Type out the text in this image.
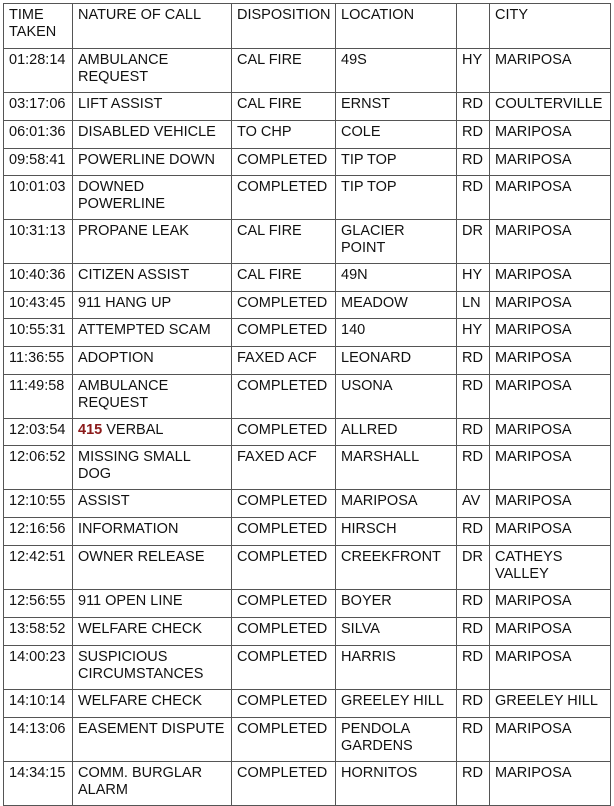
TIME TAKEN	NATURE OF CALL	DISPOSITION	LOCATION		CITY
01:28:14	AMBULANCE REQUEST	CAL FIRE	49S	HY	MARIPOSA
03:17:06	LIFT ASSIST	CAL FIRE	ERNST	RD	COULTERVILLE
06:01:36	DISABLED VEHICLE	TO CHP	COLE	RD	MARIPOSA
09:58:41	POWERLINE DOWN	COMPLETED	TIP TOP	RD	MARIPOSA
10:01:03	DOWNED POWERLINE	COMPLETED	TIP TOP	RD	MARIPOSA
10:31:13	PROPANE LEAK	CAL FIRE	GLACIER POINT	DR	MARIPOSA
10:40:36	CITIZEN ASSIST	CAL FIRE	49N	HY	MARIPOSA
10:43:45	911 HANG UP	COMPLETED	MEADOW	LN	MARIPOSA
10:55:31	ATTEMPTED SCAM	COMPLETED	140	HY	MARIPOSA
11:36:55	ADOPTION	FAXED ACF	LEONARD	RD	MARIPOSA
11:49:58	AMBULANCE REQUEST	COMPLETED	USONA	RD	MARIPOSA
12:03:54	415 VERBAL	COMPLETED	ALLRED	RD	MARIPOSA
12:06:52	MISSING SMALL DOG	FAXED ACF	MARSHALL	RD	MARIPOSA
12:10:55	ASSIST	COMPLETED	MARIPOSA	AV	MARIPOSA
12:16:56	INFORMATION	COMPLETED	HIRSCH	RD	MARIPOSA
12:42:51	OWNER RELEASE	COMPLETED	CREEKFRONT	DR	CATHEYS VALLEY
12:56:55	911 OPEN LINE	COMPLETED	BOYER	RD	MARIPOSA
13:58:52	WELFARE CHECK	COMPLETED	SILVA	RD	MARIPOSA
14:00:23	SUSPICIOUS CIRCUMSTANCES	COMPLETED	HARRIS	RD	MARIPOSA
14:10:14	WELFARE CHECK	COMPLETED	GREELEY HILL	RD	GREELEY HILL
14:13:06	EASEMENT DISPUTE	COMPLETED	PENDOLA GARDENS	RD	MARIPOSA
14:34:15	COMM. BURGLAR ALARM	COMPLETED	HORNITOS	RD	MARIPOSA
